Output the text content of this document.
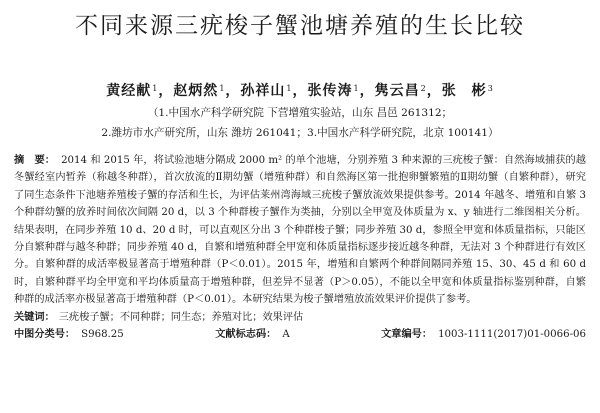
不同来源三疣梭子蟹池塘养殖的生长比较
黄经献$^1$，赵炳然$^1$，孙祥山$^1$，张传涛$^1$，隽云昌$^2$，张　彬$^3$
（1.中国水产科学研究院 下营增殖实验站，山东 昌邑 261312；
2.潍坊市水产研究所，山东 潍坊 261041；3.中国水产科学研究院，北京 100141）
摘　要： 2014 和 2015 年，将试验池塘分隔成 2000 m² 的单个池塘，分别养殖 3 种来源的三疣梭子蟹：自然海域捕获的越冬蟹经室内暂养（称越冬种群），首次放流的Ⅱ期幼蟹（增殖种群）和自然海区第一批抱卵蟹繁殖的Ⅱ期幼蟹（自繁种群），研究了同生态条件下池塘养殖梭子蟹的存活和生长，为评估莱州湾海域三疣梭子蟹放流效果提供参考。2014 年越冬、增殖和自繁 3 个种群幼蟹的放养时间依次间隔 20 d，以 3 个种群梭子蟹作为类抽，分别以全甲宽及体质量为 x、y 轴进行二维图相关分析。结果表明，在同步养殖 10 d、20 d 时，可以直观区分出 3 个种群梭子蟹；同步养殖 30 d，参照全甲宽和体质量指标，只能区分自繁种群与越冬种群；同步养殖 40 d，自繁和增殖种群全甲宽和体质量指标逐步接近越冬种群，无法对 3 个种群进行有效区分。自繁种群的成活率极显著高于增殖种群（P＜0.01）。2015 年，增殖和自繁两个种群间隔同养殖 15、30、45 d 和 60 d 时，自繁种群平均全甲宽和平均体质量高于增殖种群，但差异不显著（P＞0.05），不能以全甲宽和体质量指标鉴别种群，自繁种群的成活率亦极显著高于增殖种群（P＜0.01）。本研究结果为梭子蟹增殖放流效果评价提供了参考。
关键词： 三疣梭子蟹；不同种群；同生态；养殖对比；效果评估
中图分类号： S968.25	文献标志码： A	文章编号： 1003-1111(2017)01-0066-06
